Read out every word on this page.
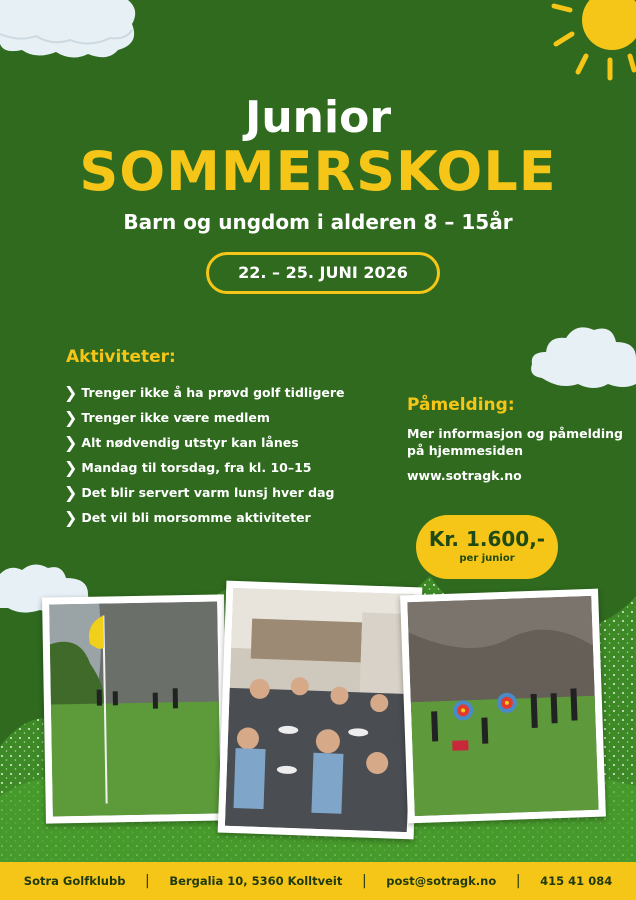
Junior
SOMMERSKOLE
Barn og ungdom i alderen 8 – 15år
22. – 25. JUNI 2026
Aktiviteter:
❯ Trenger ikke å ha prøvd golf tidligere
❯ Trenger ikke være medlem
❯ Alt nødvendig utstyr kan lånes
❯ Mandag til torsdag, fra kl. 10–15
❯ Det blir servert varm lunsj hver dag
❯ Det vil bli morsomme aktiviteter
Påmelding:
Mer informasjon og påmelding på hjemmesiden
www.sotragk.no
Kr. 1.600,-
per junior
Sotra Golfklubb | Bergalia 10, 5360 Kolltveit | post@sotragk.no | 415 41 084
